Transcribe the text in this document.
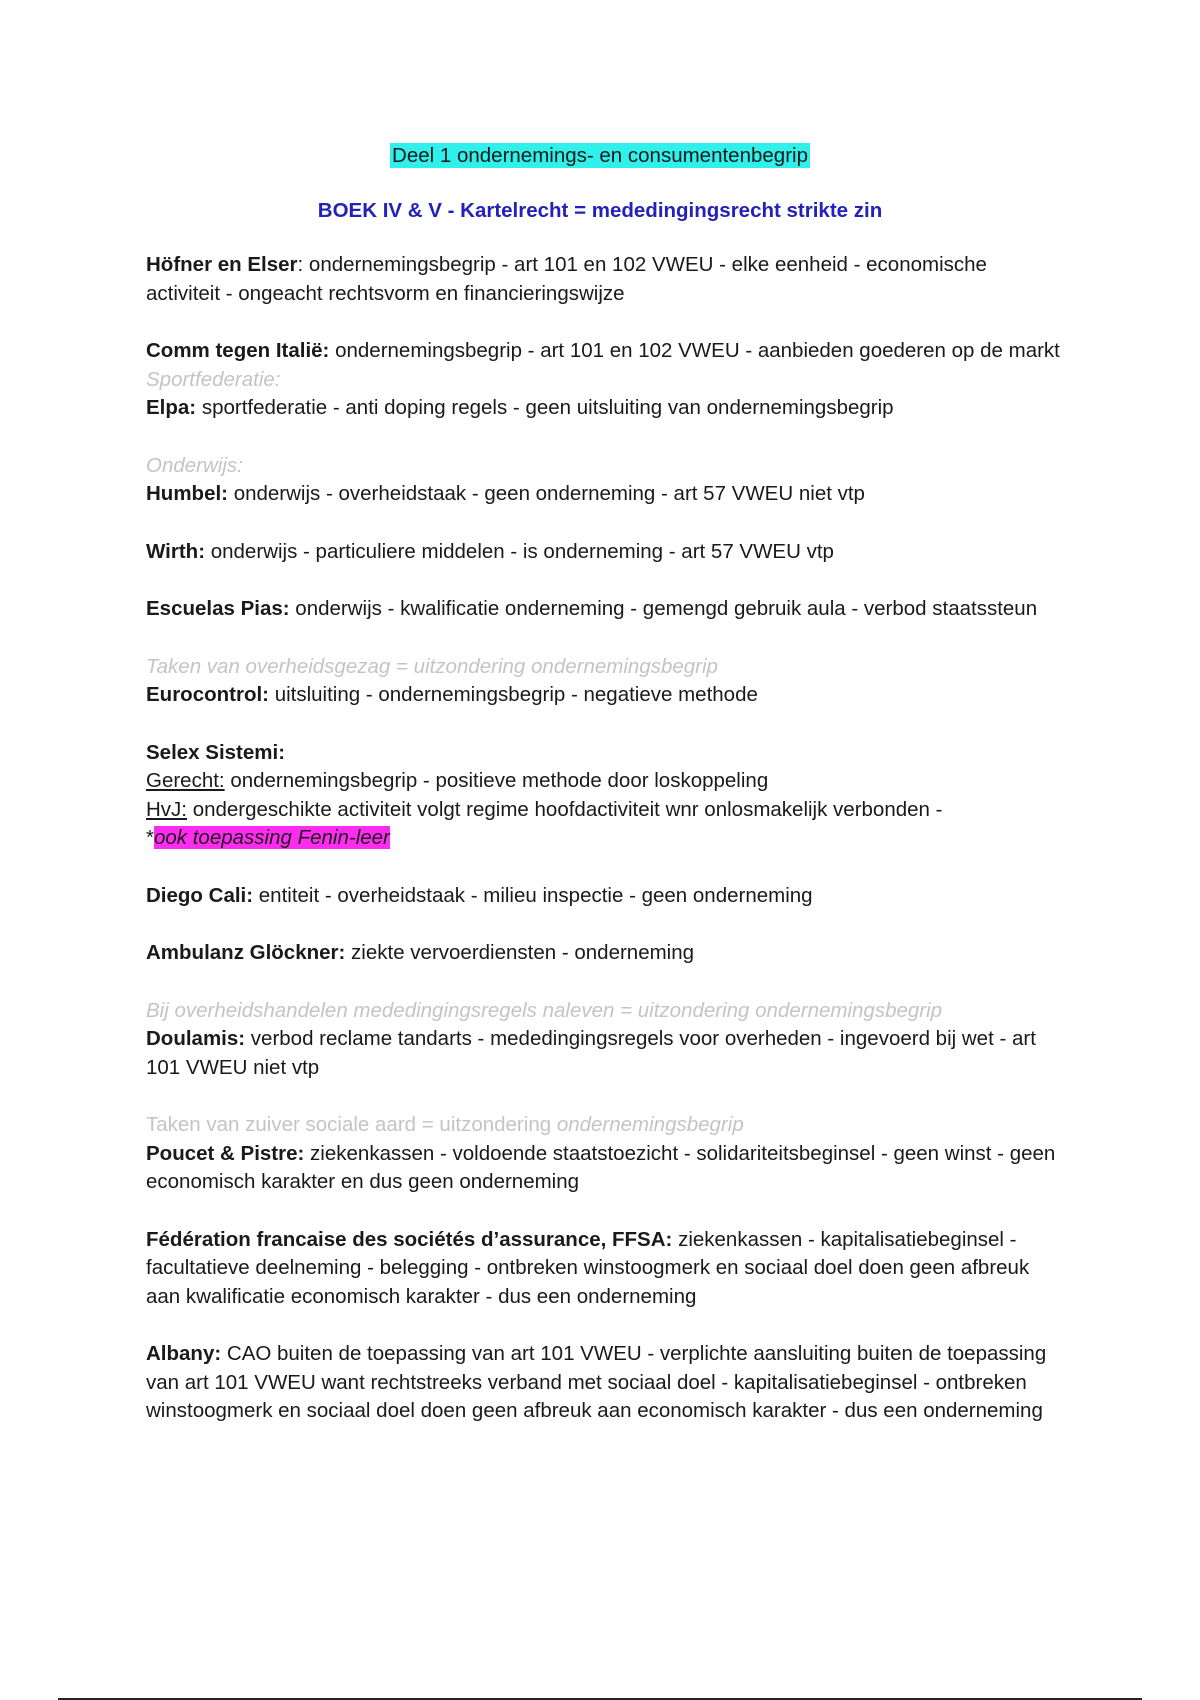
Deel 1 ondernemings- en consumentenbegrip
BOEK IV & V - Kartelrecht = mededingingsrecht strikte zin

Höfner en Elser: ondernemingsbegrip - art 101 en 102 VWEU - elke eenheid - economische activiteit - ongeacht rechtsvorm en financieringswijze

Comm tegen Italië: ondernemingsbegrip - art 101 en 102 VWEU - aanbieden goederen op de markt

Sportfederatie:

Elpa: sportfederatie - anti doping regels - geen uitsluiting van ondernemingsbegrip

Onderwijs:

Humbel: onderwijs - overheidstaak - geen onderneming - art 57 VWEU niet vtp

Wirth: onderwijs - particuliere middelen - is onderneming - art 57 VWEU vtp

Escuelas Pias: onderwijs - kwalificatie onderneming - gemengd gebruik aula - verbod staatssteun

Taken van overheidsgezag = uitzondering ondernemingsbegrip

Eurocontrol: uitsluiting - ondernemingsbegrip - negatieve methode

Selex Sistemi:

Gerecht: ondernemingsbegrip - positieve methode door loskoppeling

HvJ: ondergeschikte activiteit volgt regime hoofdactiviteit wnr onlosmakelijk verbonden -

*ook toepassing Fenin-leer

Diego Cali: entiteit - overheidstaak - milieu inspectie - geen onderneming

Ambulanz Glöckner: ziekte vervoerdiensten - onderneming

Bij overheidshandelen mededingingsregels naleven = uitzondering ondernemingsbegrip

Doulamis: verbod reclame tandarts - mededingingsregels voor overheden - ingevoerd bij wet - art 101 VWEU niet vtp

Taken van zuiver sociale aard = uitzondering ondernemingsbegrip

Poucet & Pistre: ziekenkassen - voldoende staatstoezicht - solidariteitsbeginsel - geen winst - geen economisch karakter en dus geen onderneming

Fédération francaise des sociétés d’assurance, FFSA: ziekenkassen - kapitalisatiebeginsel - facultatieve deelneming - belegging - ontbreken winstoogmerk en sociaal doel doen geen afbreuk aan kwalificatie economisch karakter - dus een onderneming

Albany: CAO buiten de toepassing van art 101 VWEU - verplichte aansluiting buiten de toepassing van art 101 VWEU want rechtstreeks verband met sociaal doel - kapitalisatiebeginsel - ontbreken winstoogmerk en sociaal doel doen geen afbreuk aan economisch karakter - dus een onderneming
